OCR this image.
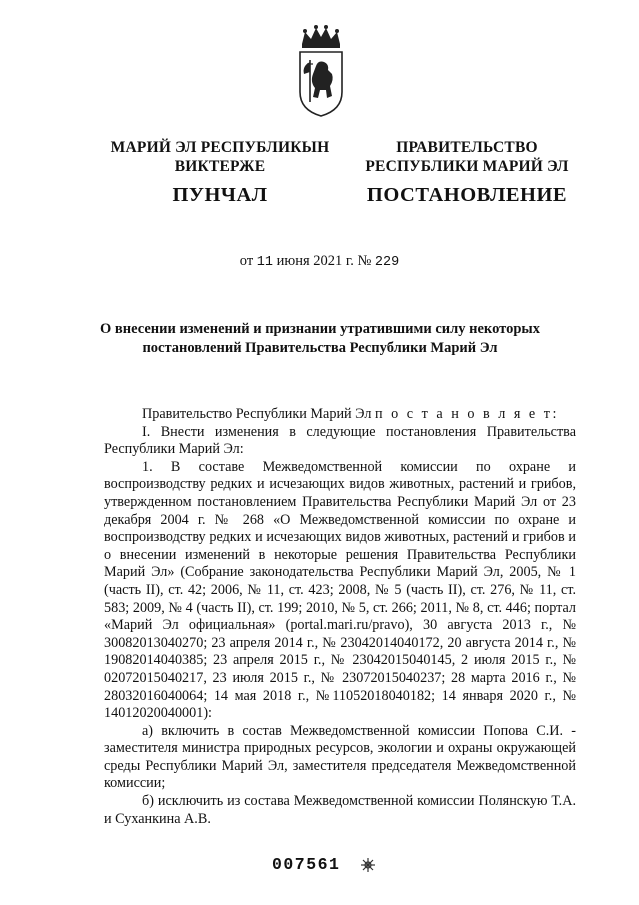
МАРИЙ ЭЛ РЕСПУБЛИКЫН
ВИКТЕРЖЕ
ПУНЧАЛ
ПРАВИТЕЛЬСТВО
РЕСПУБЛИКИ МАРИЙ ЭЛ
ПОСТАНОВЛЕНИЕ
от 11 июня 2021 г. № 229
О внесении изменений и признании утратившими силу некоторых постановлений Правительства Республики Марий Эл

Правительство Республики Марий Эл п о с т а н о в л я е т:

I. Внести изменения в следующие постановления Правительства Республики Марий Эл:

1. В составе Межведомственной комиссии по охране и воспроизводству редких и исчезающих видов животных, растений и грибов, утвержденном постановлением Правительства Республики Марий Эл от 23 декабря 2004 г. № 268 «О Межведомственной комиссии по охране и воспроизводству редких и исчезающих видов животных, растений и грибов и о внесении изменений в некоторые решения Правительства Республики Марий Эл» (Собрание законодательства Республики Марий Эл, 2005, № 1 (часть II), ст. 42; 2006, № 11, ст. 423; 2008, № 5 (часть II), ст. 276, № 11, ст. 583; 2009, № 4 (часть II), ст. 199; 2010, № 5, ст. 266; 2011, № 8, ст. 446; портал «Марий Эл официальная» (portal.mari.ru/pravo), 30 августа 2013 г., № 30082013040270; 23 апреля 2014 г., № 23042014040172, 20 августа 2014 г., № 19082014040385; 23 апреля 2015 г., № 23042015040145, 2 июля 2015 г., № 02072015040217, 23 июля 2015 г., № 23072015040237; 28 марта 2016 г., № 28032016040064; 14 мая 2018 г., №11052018040182; 14 января 2020 г., № 14012020040001):

а) включить в состав Межведомственной комиссии Попова С.И. - заместителя министра природных ресурсов, экологии и охраны окружающей среды Республики Марий Эл, заместителя председателя Межведомственной комиссии;

б) исключить из состава Межведомственной комиссии Полянскую Т.А. и Суханкина А.В.

007561
